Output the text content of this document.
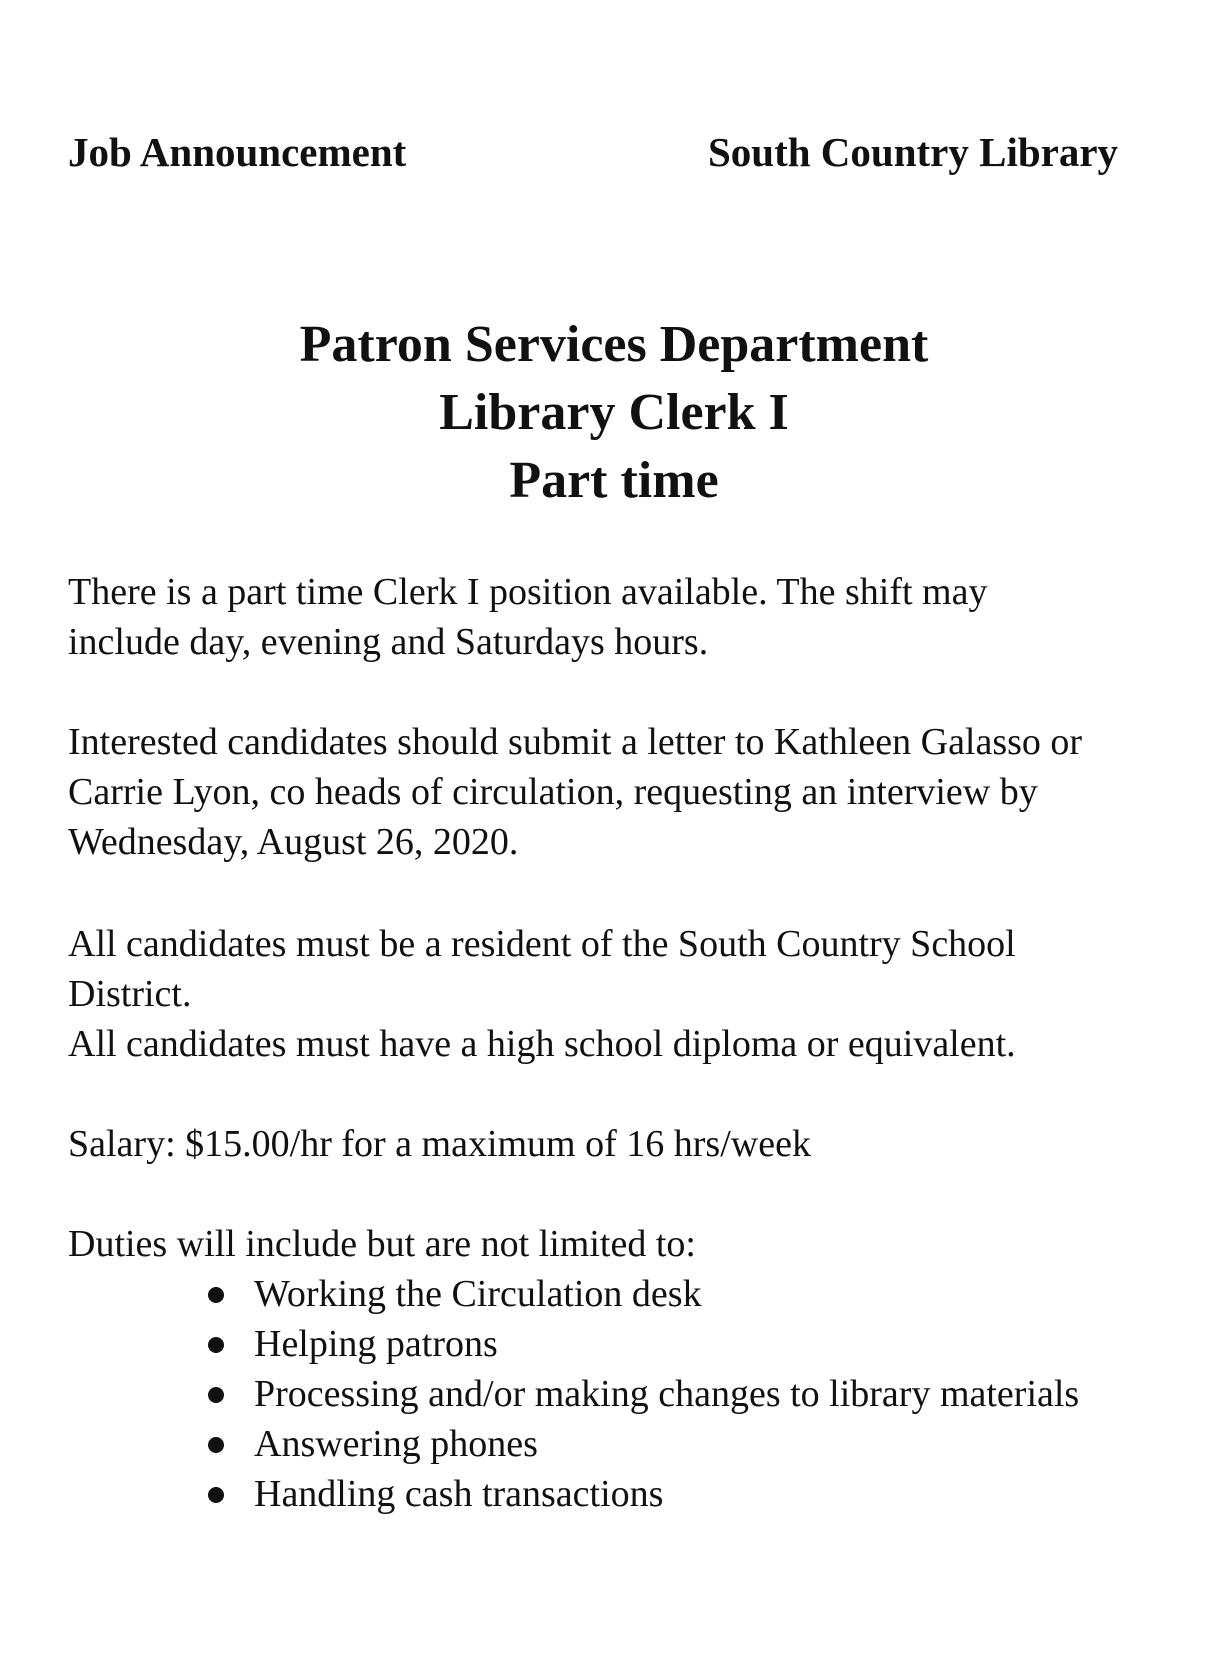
Job Announcement	South Country Library
Patron Services Department
Library Clerk I
Part time
There is a part time Clerk I position available. The shift may
include day, evening and Saturdays hours.
Interested candidates should submit a letter to Kathleen Galasso or
Carrie Lyon, co heads of circulation, requesting an interview by
Wednesday, August 26, 2020.
All candidates must be a resident of the South Country School
District.
All candidates must have a high school diploma or equivalent.
Salary: $15.00/hr for a maximum of 16 hrs/week
Duties will include but are not limited to:
Working the Circulation desk
Helping patrons
Processing and/or making changes to library materials
Answering phones
Handling cash transactions
